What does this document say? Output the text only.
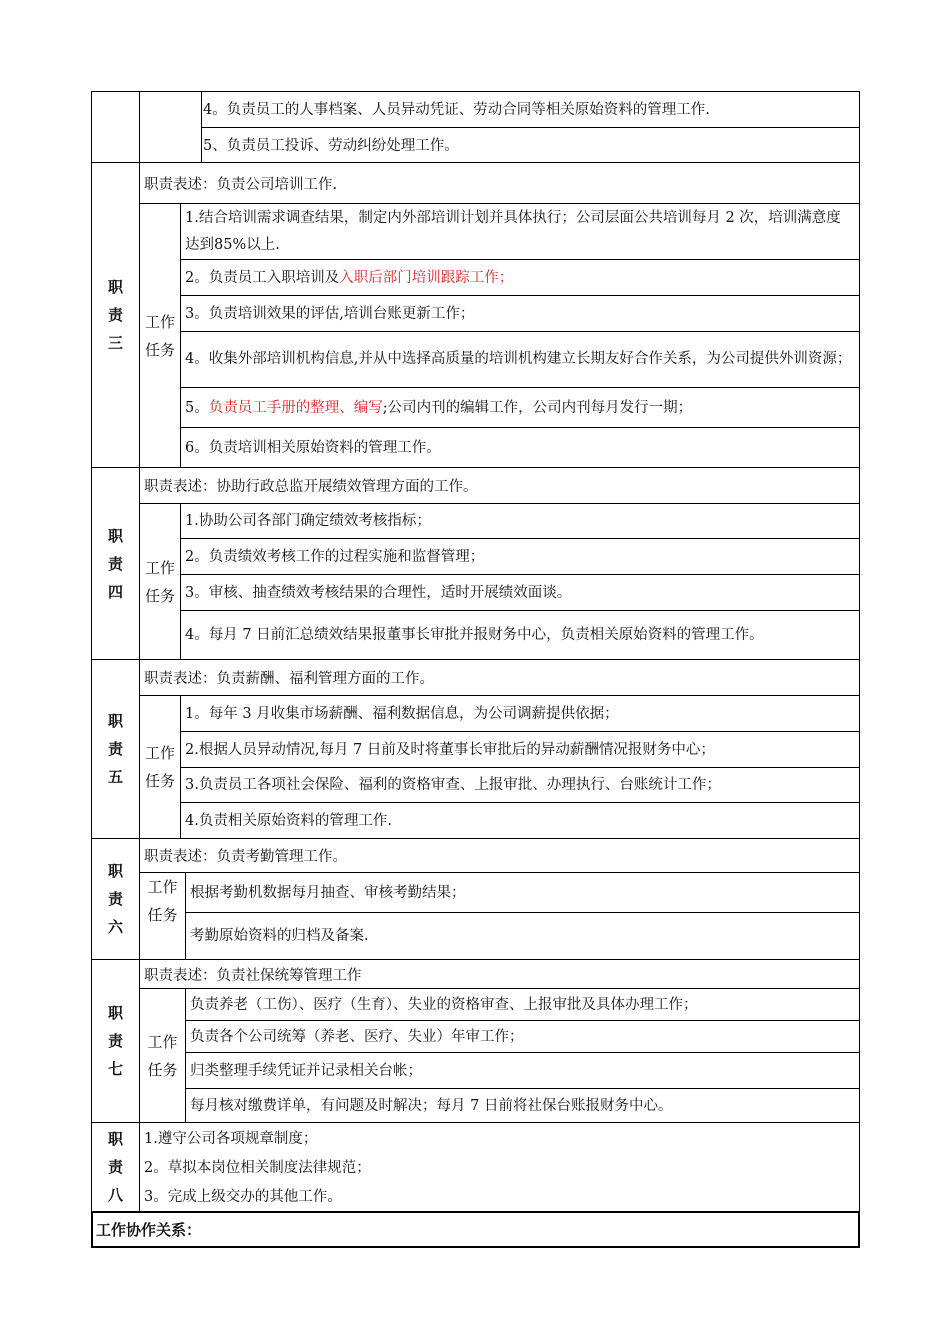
4。负责员工的人事档案、人员异动凭证、劳动合同等相关原始资料的管理工作.
5、负责员工投诉、劳动纠纷处理工作。
职责三
职责表述：负责公司培训工作.
工作任务
1.结合培训需求调查结果，制定内外部培训计划并具体执行；公司层面公共培训每月 2 次，培训满意度达到85%以上.
2。负责员工入职培训及 入职后部门培训跟踪工作；
3。负责培训效果的评估,培训台账更新工作；
4。收集外部培训机构信息,并从中选择高质量的培训机构建立长期友好合作关系，为公司提供外训资源；
5。 负责员工手册的整理、编写 ;公司内刊的编辑工作，公司内刊每月发行一期；
6。负责培训相关原始资料的管理工作。
职责四
职责表述：协助行政总监开展绩效管理方面的工作。
工作任务
1.协助公司各部门确定绩效考核指标；
2。负责绩效考核工作的过程实施和监督管理；
3。审核、抽查绩效考核结果的合理性，适时开展绩效面谈。
4。每月 7 日前汇总绩效结果报董事长审批并报财务中心，负责相关原始资料的管理工作。
职责五
职责表述：负责薪酬、福利管理方面的工作。
工作任务
1。每年 3 月收集市场薪酬、福利数据信息，为公司调薪提供依据；
2.根据人员异动情况,每月 7 日前及时将董事长审批后的异动薪酬情况报财务中心；
3.负责员工各项社会保险、福利的资格审查、上报审批、办理执行、台账统计工作；
4.负责相关原始资料的管理工作.
职责六
职责表述：负责考勤管理工作。
工作任务
根据考勤机数据每月抽查、审核考勤结果；
考勤原始资料的归档及备案.
职责七
职责表述：负责社保统筹管理工作
工作任务
负责养老（工伤）、医疗（生育）、失业的资格审查、上报审批及具体办理工作；
负责各个公司统筹（养老、医疗、失业）年审工作；
归类整理手续凭证并记录相关台帐；
每月核对缴费详单，有问题及时解决；每月 7 日前将社保台账报财务中心。
职责八
1.遵守公司各项规章制度；
2。草拟本岗位相关制度法律规范；
3。完成上级交办的其他工作。
工作协作关系：
